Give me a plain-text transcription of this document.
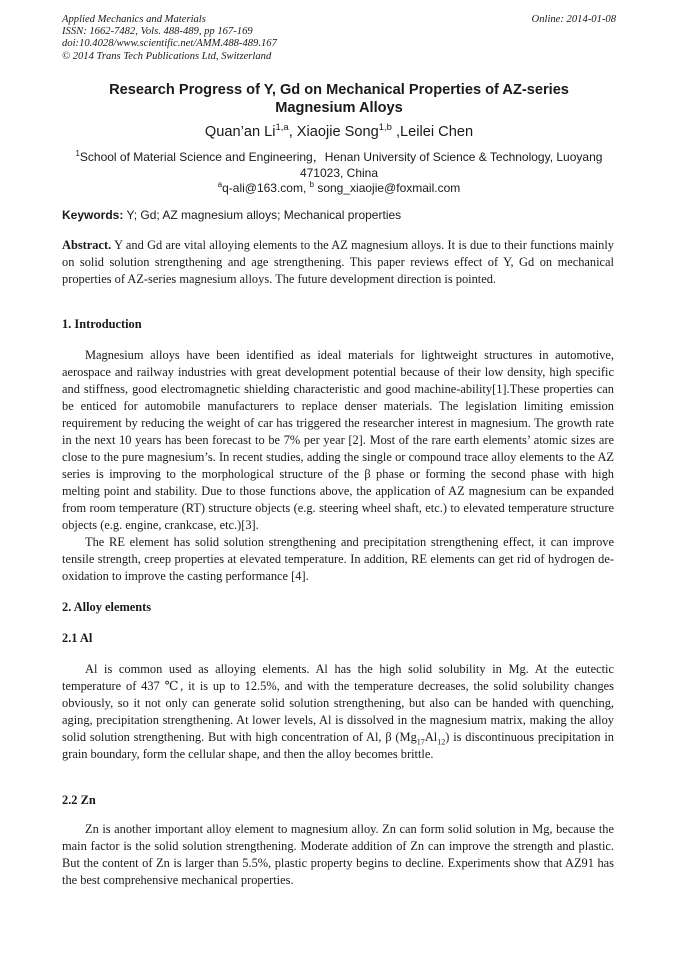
Applied Mechanics and Materials
ISSN: 1662-7482, Vols. 488-489, pp 167-169
doi:10.4028/www.scientific.net/AMM.488-489.167
© 2014 Trans Tech Publications Ltd, Switzerland
Online: 2014-01-08
Research Progress of Y, Gd on Mechanical Properties of AZ-series
Magnesium Alloys
Quan’an Li$^{1,a}$, Xiaojie Song$^{1,b}$ ,Leilei Chen
$^1$School of Material Science and Engineering，Henan University of Science & Technology, Luoyang
471023, China
$^a$q-ali@163.com, $^b$ song_xiaojie@foxmail.com
Keywords: Y; Gd; AZ magnesium alloys; Mechanical properties

Abstract. Y and Gd are vital alloying elements to the AZ magnesium alloys. It is due to their functions mainly on solid solution strengthening and age strengthening. This paper reviews effect of Y, Gd on mechanical properties of AZ-series magnesium alloys. The future development direction is pointed.

1. Introduction

Magnesium alloys have been identified as ideal materials for lightweight structures in automotive, aerospace and railway industries with great development potential because of their low density, high specific and stiffness, good electromagnetic shielding characteristic and good machine-ability[1].These properties can be enticed for automobile manufacturers to replace denser materials. The legislation limiting emission requirement by reducing the weight of car has triggered the researcher interest in magnesium. The growth rate in the next 10 years has been forecast to be 7% per year [2]. Most of the rare earth elements’ atomic sizes are close to the pure magnesium’s. In recent studies, adding the single or compound trace alloy elements to the AZ series is improving to the morphological structure of the β phase or forming the second phase with high melting point and stability. Due to those functions above, the application of AZ magnesium can be expanded from room temperature (RT) structure objects (e.g. steering wheel shaft, etc.) to elevated temperature structure objects (e.g. engine, crankcase, etc.)[3].

The RE element has solid solution strengthening and precipitation strengthening effect, it can improve tensile strength, creep properties at elevated temperature. In addition, RE elements can get rid of hydrogen de-oxidation to improve the casting performance [4].

2. Alloy elements
2.1 Al

Al is common used as alloying elements. Al has the high solid solubility in Mg. At the eutectic temperature of 437 ℃, it is up to 12.5%, and with the temperature decreases, the solid solubility changes obviously, so it not only can generate solid solution strengthening, but also can be handed with quenching, aging, precipitation strengthening. At lower levels, Al is dissolved in the magnesium matrix, making the alloy solid solution strengthening. But with high concentration of Al, β $(Mg_{17}Al_{12})$ is discontinuous precipitation in grain boundary, form the cellular shape, and then the alloy becomes brittle.

2.2 Zn

Zn is another important alloy element to magnesium alloy. Zn can form solid solution in Mg, because the main factor is the solid solution strengthening. Moderate addition of Zn can improve the strength and plastic. But the content of Zn is larger than 5.5%, plastic property begins to decline. Experiments show that AZ91 has the best comprehensive mechanical properties.
